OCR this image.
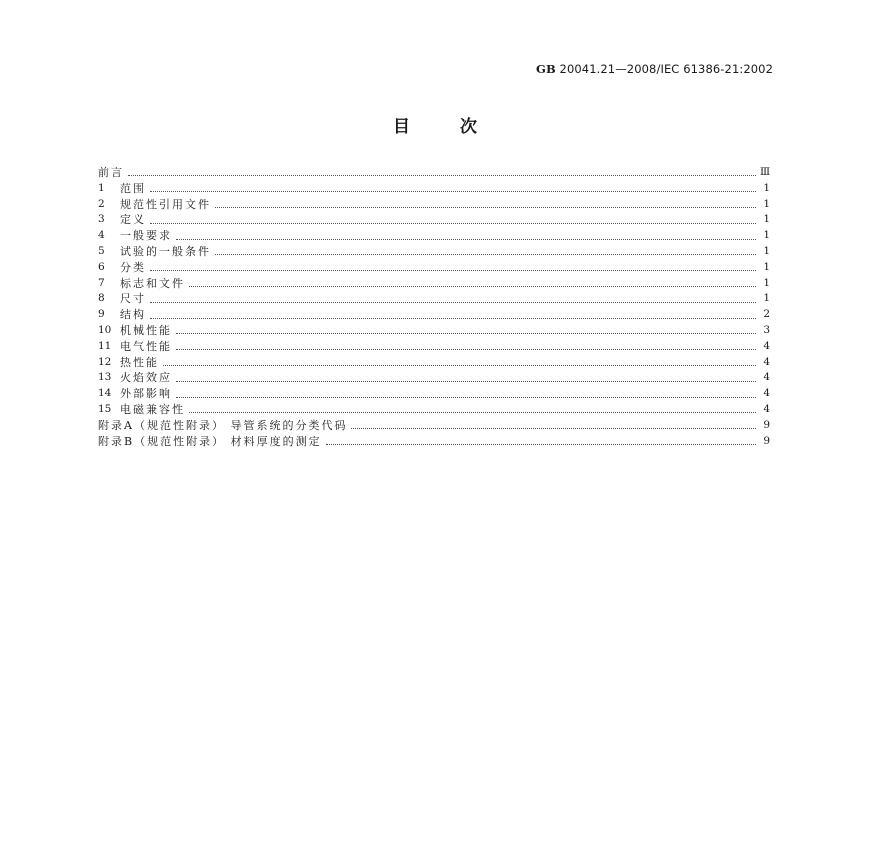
GB 20041.21—2008/IEC 61386-21:2002
目次
前言	Ⅲ
1	范围	1
2	规范性引用文件	1
3	定义	1
4	一般要求	1
5	试验的一般条件	1
6	分类	1
7	标志和文件	1
8	尺寸	1
9	结构	2
10 机械性能	3
11 电气性能	4
12 热性能	4
13 火焰效应	4
14 外部影响	4
15 电磁兼容性	4
附录A（规范性附录） 导管系统的分类代码	9
附录B（规范性附录） 材料厚度的测定	9
